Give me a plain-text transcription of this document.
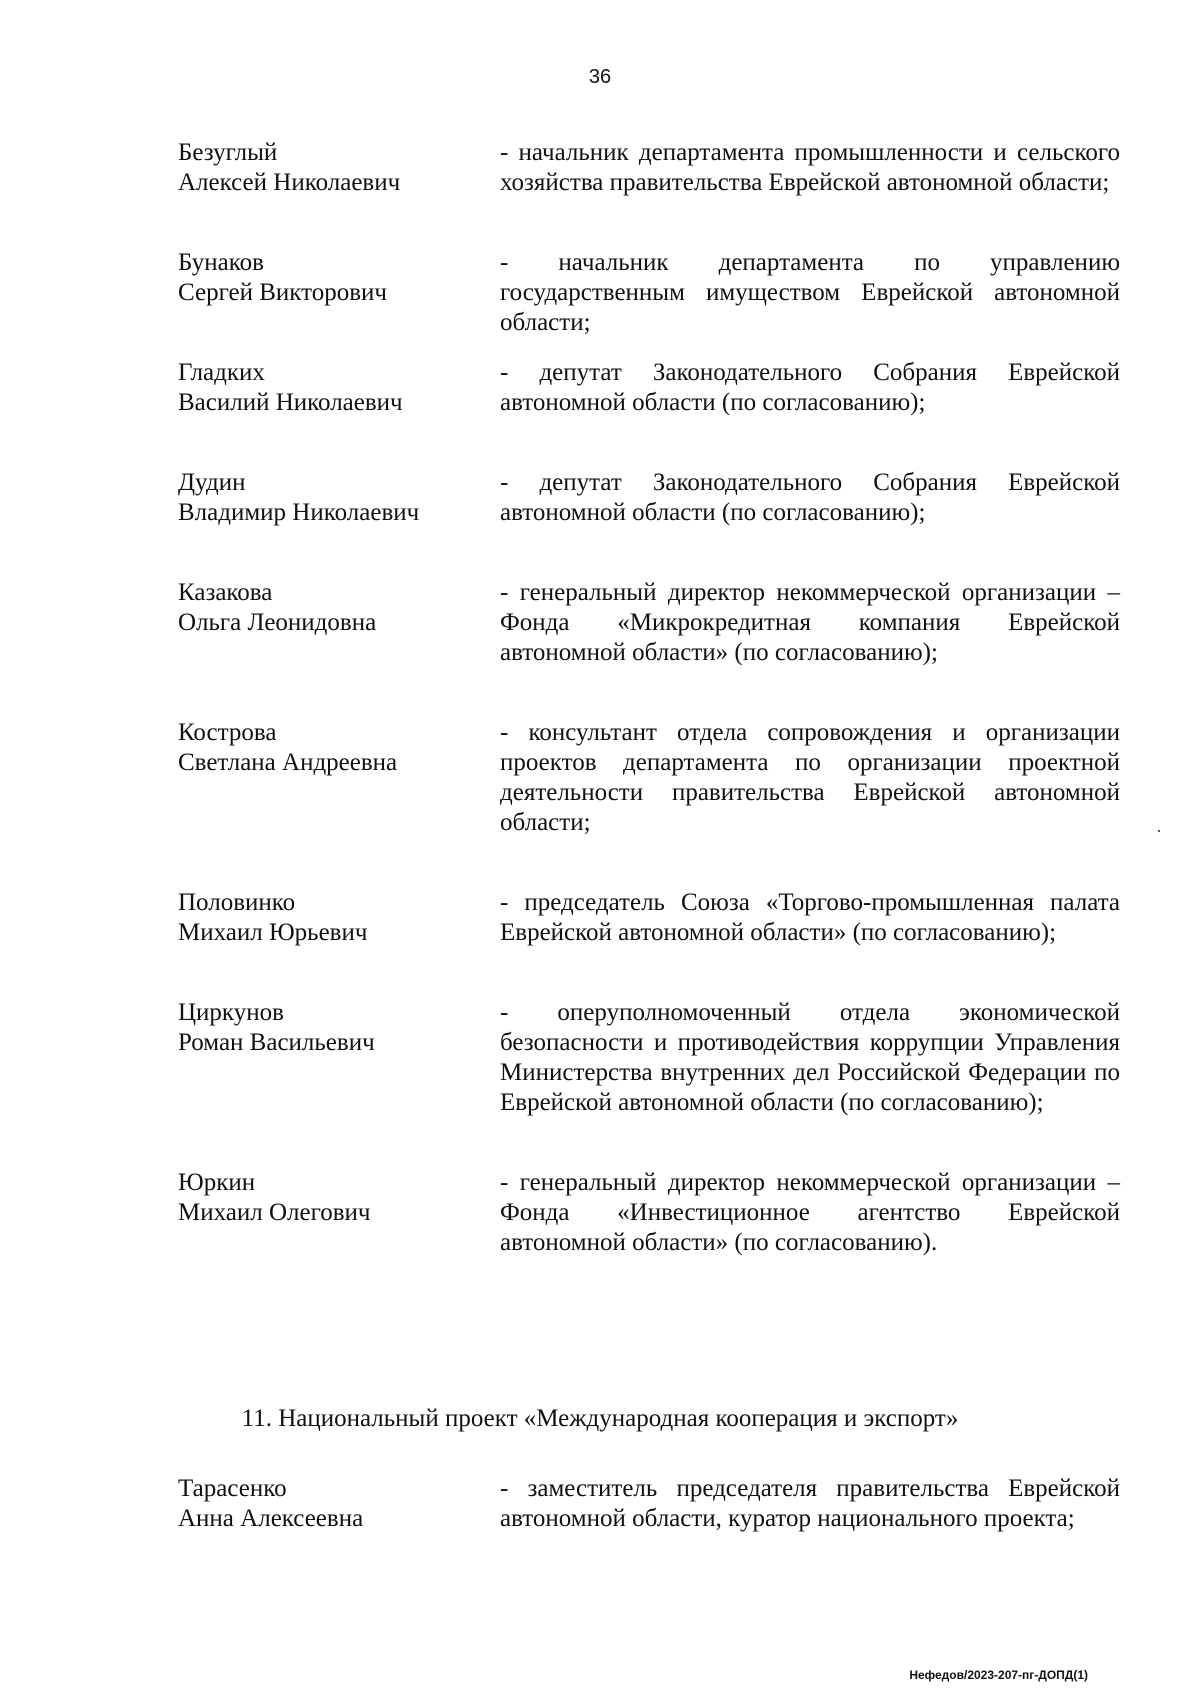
36
Безуглый
Алексей Николаевич
- начальник департамента промышленности и сельского хозяйства правительства Еврейской автономной области;
Бунаков
Сергей Викторович
- начальник департамента по управлению государственным имуществом Еврейской автономной области;
Гладких
Василий Николаевич
- депутат Законодательного Собрания Еврейской автономной области (по согласованию);
Дудин
Владимир Николаевич
- депутат Законодательного Собрания Еврейской автономной области (по согласованию);
Казакова
Ольга Леонидовна
- генеральный директор некоммерческой организации – Фонда «Микрокредитная компания Еврейской автономной области» (по согласованию);
Кострова
Светлана Андреевна
- консультант отдела сопровождения и организации проектов департамента по организации проектной деятельности правительства Еврейской автономной области;
Половинко
Михаил Юрьевич
- председатель Союза «Торгово-промышленная палата Еврейской автономной области» (по согласованию);
Циркунов
Роман Васильевич
- оперуполномоченный отдела экономической безопасности и противодействия коррупции Управления Министерства внутренних дел Российской Федерации по Еврейской автономной области (по согласованию);
Юркин
Михаил Олегович
- генеральный директор некоммерческой организации – Фонда «Инвестиционное агентство Еврейской автономной области» (по согласованию).
11. Национальный проект «Международная кооперация и экспорт»
Тарасенко
Анна Алексеевна
- заместитель председателя правительства Еврейской автономной области, куратор национального проекта;
Нефедов/2023-207-пг-ДОПД(1)
